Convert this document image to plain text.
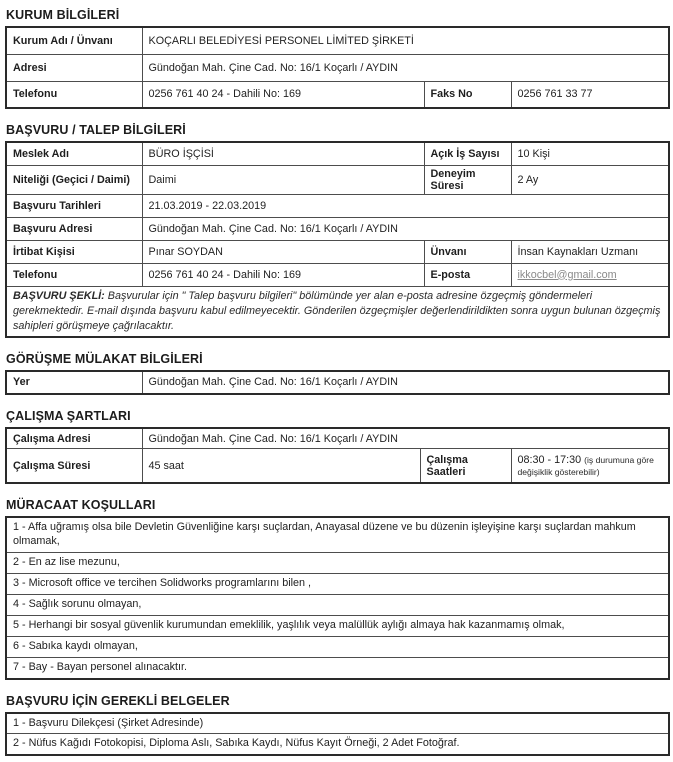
KURUM BİLGİLERİ
Kurum Adı / Ünvanı	KOÇARLI BELEDİYESİ PERSONEL LİMİTED ŞİRKETİ		
Adresi	Gündoğan Mah. Çine Cad. No: 16/1 Koçarlı / AYDIN		
Telefonu	0256 761 40 24 - Dahili No: 169	Faks No	0256 761 33 77
BAŞVURU / TALEP BİLGİLERİ
Meslek Adı	BÜRO İŞÇİSİ	Açık İş Sayısı	10 Kişi
Niteliği (Geçici / Daimi)	Daimi	Deneyim Süresi	2 Ay
Başvuru Tarihleri	21.03.2019 - 22.03.2019		
Başvuru Adresi	Gündoğan Mah. Çine Cad. No: 16/1 Koçarlı / AYDIN		
İrtibat Kişisi	Pınar SOYDAN	Ünvanı	İnsan Kaynakları Uzmanı
Telefonu	0256 761 40 24 - Dahili No: 169	E-posta	ikkocbel@gmail.com
BAŞVURU ŞEKLİ: Başvurular için " Talep başvuru bilgileri" bölümünde yer alan e-posta adresine özgeçmiş göndermeleri gerekmektedir. E-mail dışında başvuru kabul edilmeyecektir. Gönderilen özgeçmişler değerlendirildikten sonra uygun bulunan özgeçmiş sahipleri görüşmeye çağrılacaktır.			
GÖRÜŞME MÜLAKAT BİLGİLERİ
Yer	Gündoğan Mah. Çine Cad. No: 16/1 Koçarlı / AYDIN
ÇALIŞMA ŞARTLARI
Çalışma Adresi	Gündoğan Mah. Çine Cad. No: 16/1 Koçarlı / AYDIN		
Çalışma Süresi	45 saat	Çalışma Saatleri	08:30 - 17:30 (iş durumuna göre değişiklik gösterebilir)
MÜRACAAT KOŞULLARI
1 - Affa uğramış olsa bile Devletin Güvenliğine karşı suçlardan, Anayasal düzene ve bu düzenin işleyişine karşı suçlardan mahkum olmamak,
2 - En az lise mezunu,
3 - Microsoft office ve tercihen Solidworks programlarını bilen ,
4 - Sağlık sorunu olmayan,
5 - Herhangi bir sosyal güvenlik kurumundan emeklilik, yaşlılık veya malüllük aylığı almaya hak kazanmamış olmak,
6 - Sabıka kaydı olmayan,
7 - Bay - Bayan personel alınacaktır.
BAŞVURU İÇİN GEREKLİ BELGELER
1 - Başvuru Dilekçesi (Şirket Adresinde)
2 - Nüfus Kağıdı Fotokopisi, Diploma Aslı, Sabıka Kaydı, Nüfus Kayıt Örneği, 2 Adet Fotoğraf.
